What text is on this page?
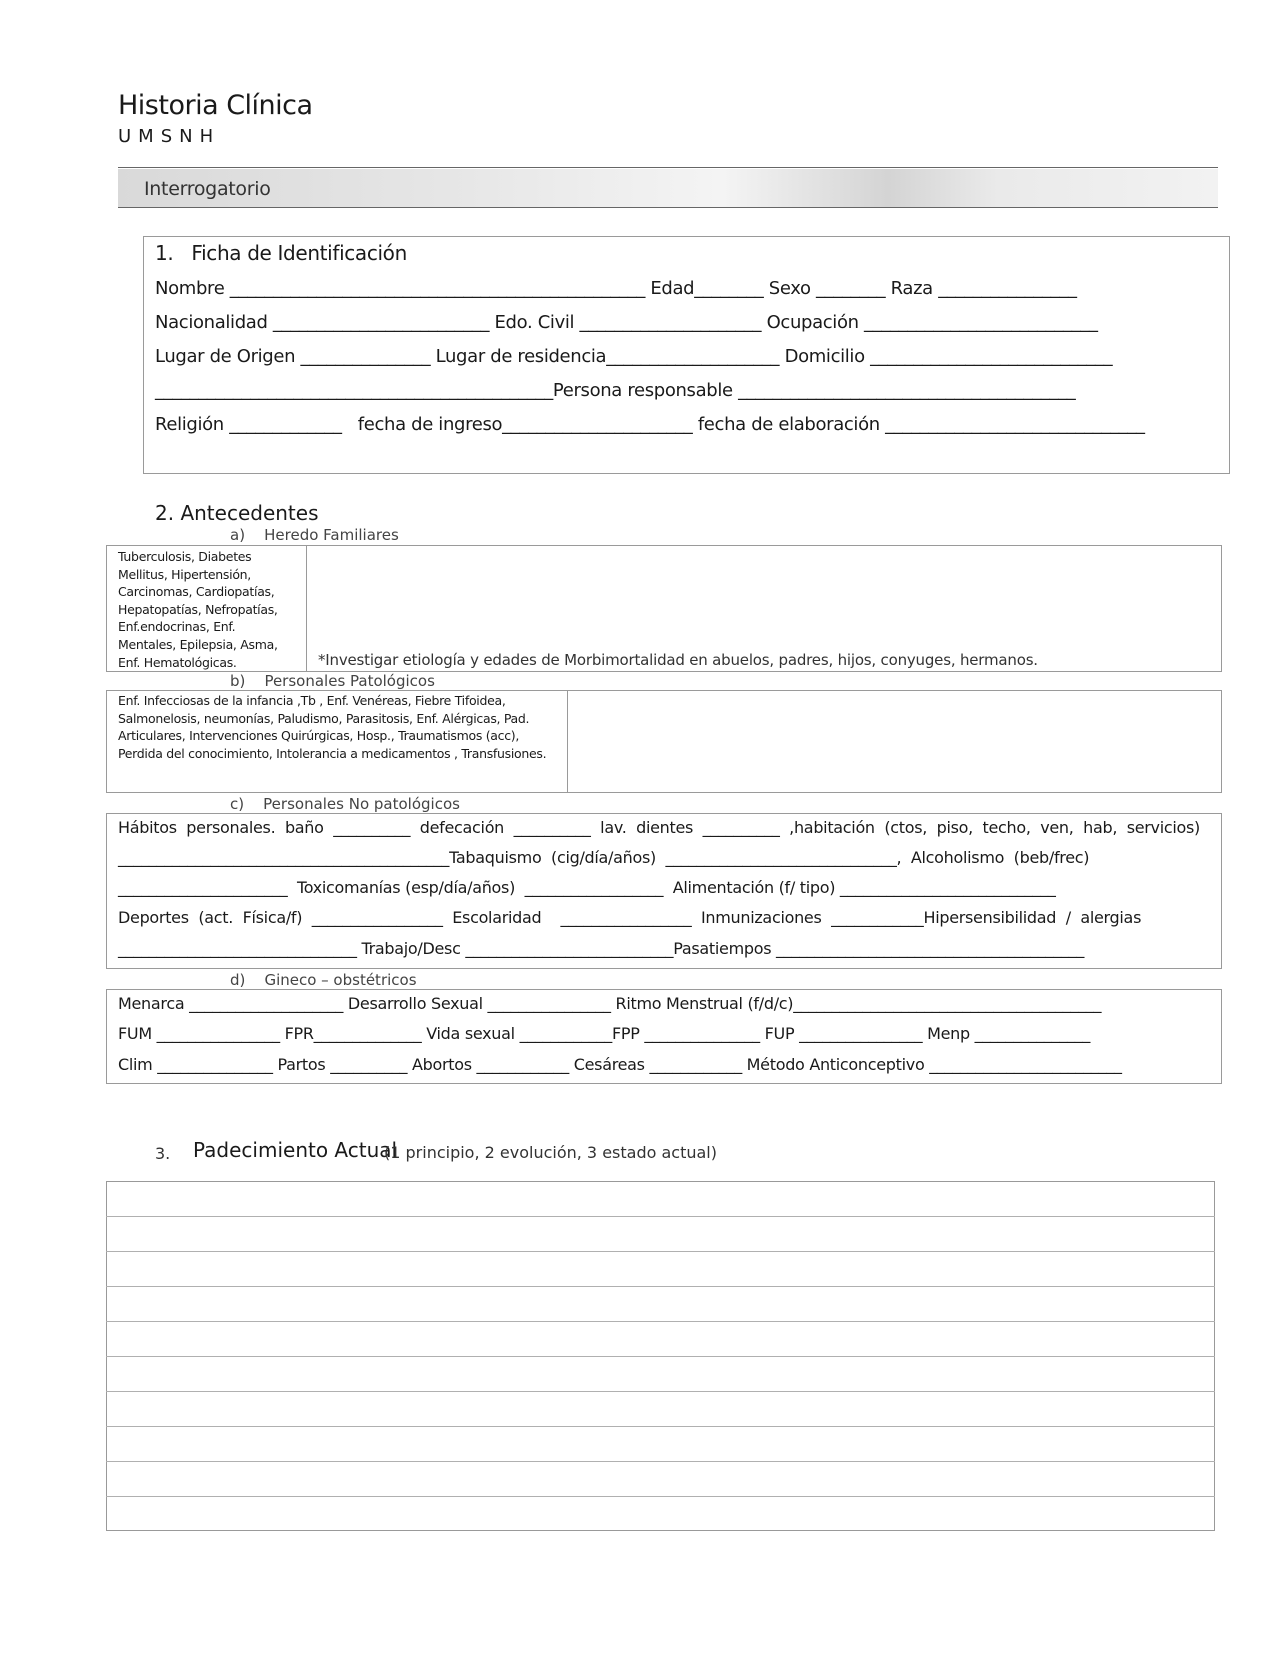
Historia Clínica
UMSNH
Interrogatorio
1.   Ficha de Identificación
Nombre ________________________________________________ Edad________ Sexo ________ Raza ________________
Nacionalidad _________________________ Edo. Civil _____________________ Ocupación ___________________________
Lugar de Origen _______________ Lugar de residencia____________________ Domicilio ____________________________
______________________________________________Persona responsable _______________________________________
Religión _____________   fecha de ingreso______________________ fecha de elaboración ______________________________
2. Antecedentes
a)    Heredo Familiares
Tuberculosis, Diabetes Mellitus, Hipertensión, Carcinomas, Cardiopatías, Hepatopatías, Nefropatías, Enf.endocrinas, Enf. Mentales, Epilepsia, Asma, Enf. Hematológicas.	*Investigar etiología y edades de Morbimortalidad en abuelos, padres, hijos, conyuges, hermanos.
b)    Personales Patológicos
Enf. Infecciosas de la infancia ,Tb , Enf. Venéreas, Fiebre Tifoidea, Salmonelosis, neumonías, Paludismo, Parasitosis, Enf. Alérgicas, Pad. Articulares, Intervenciones Quirúrgicas, Hosp., Traumatismos (acc), Perdida del conocimiento, Intolerancia a medicamentos , Transfusiones.

c)    Personales No patológicos
Hábitos  personales.  baño  __________  defecación  __________  lav.  dientes  __________  ,habitación  (ctos,  piso,  techo,  ven,  hab,  servicios)
___________________________________________Tabaquismo  (cig/día/años)  ______________________________,  Alcoholismo  (beb/frec)
______________________  Toxicomanías (esp/día/años)  __________________  Alimentación (f/ tipo) ____________________________
Deportes  (act.  Física/f)  _________________  Escolaridad    _________________  Inmunizaciones  ____________Hipersensibilidad  /  alergias
_______________________________ Trabajo/Desc ___________________________Pasatiempos ________________________________________
d)    Gineco – obstétricos
Menarca ____________________ Desarrollo Sexual ________________ Ritmo Menstrual (f/d/c)________________________________________
FUM ________________ FPR______________ Vida sexual ____________FPP _______________ FUP ________________ Menp _______________
Clim _______________ Partos __________ Abortos ____________ Cesáreas ____________ Método Anticonceptivo _________________________
3. Padecimiento Actual
(1 principio, 2 evolución, 3 estado actual)
